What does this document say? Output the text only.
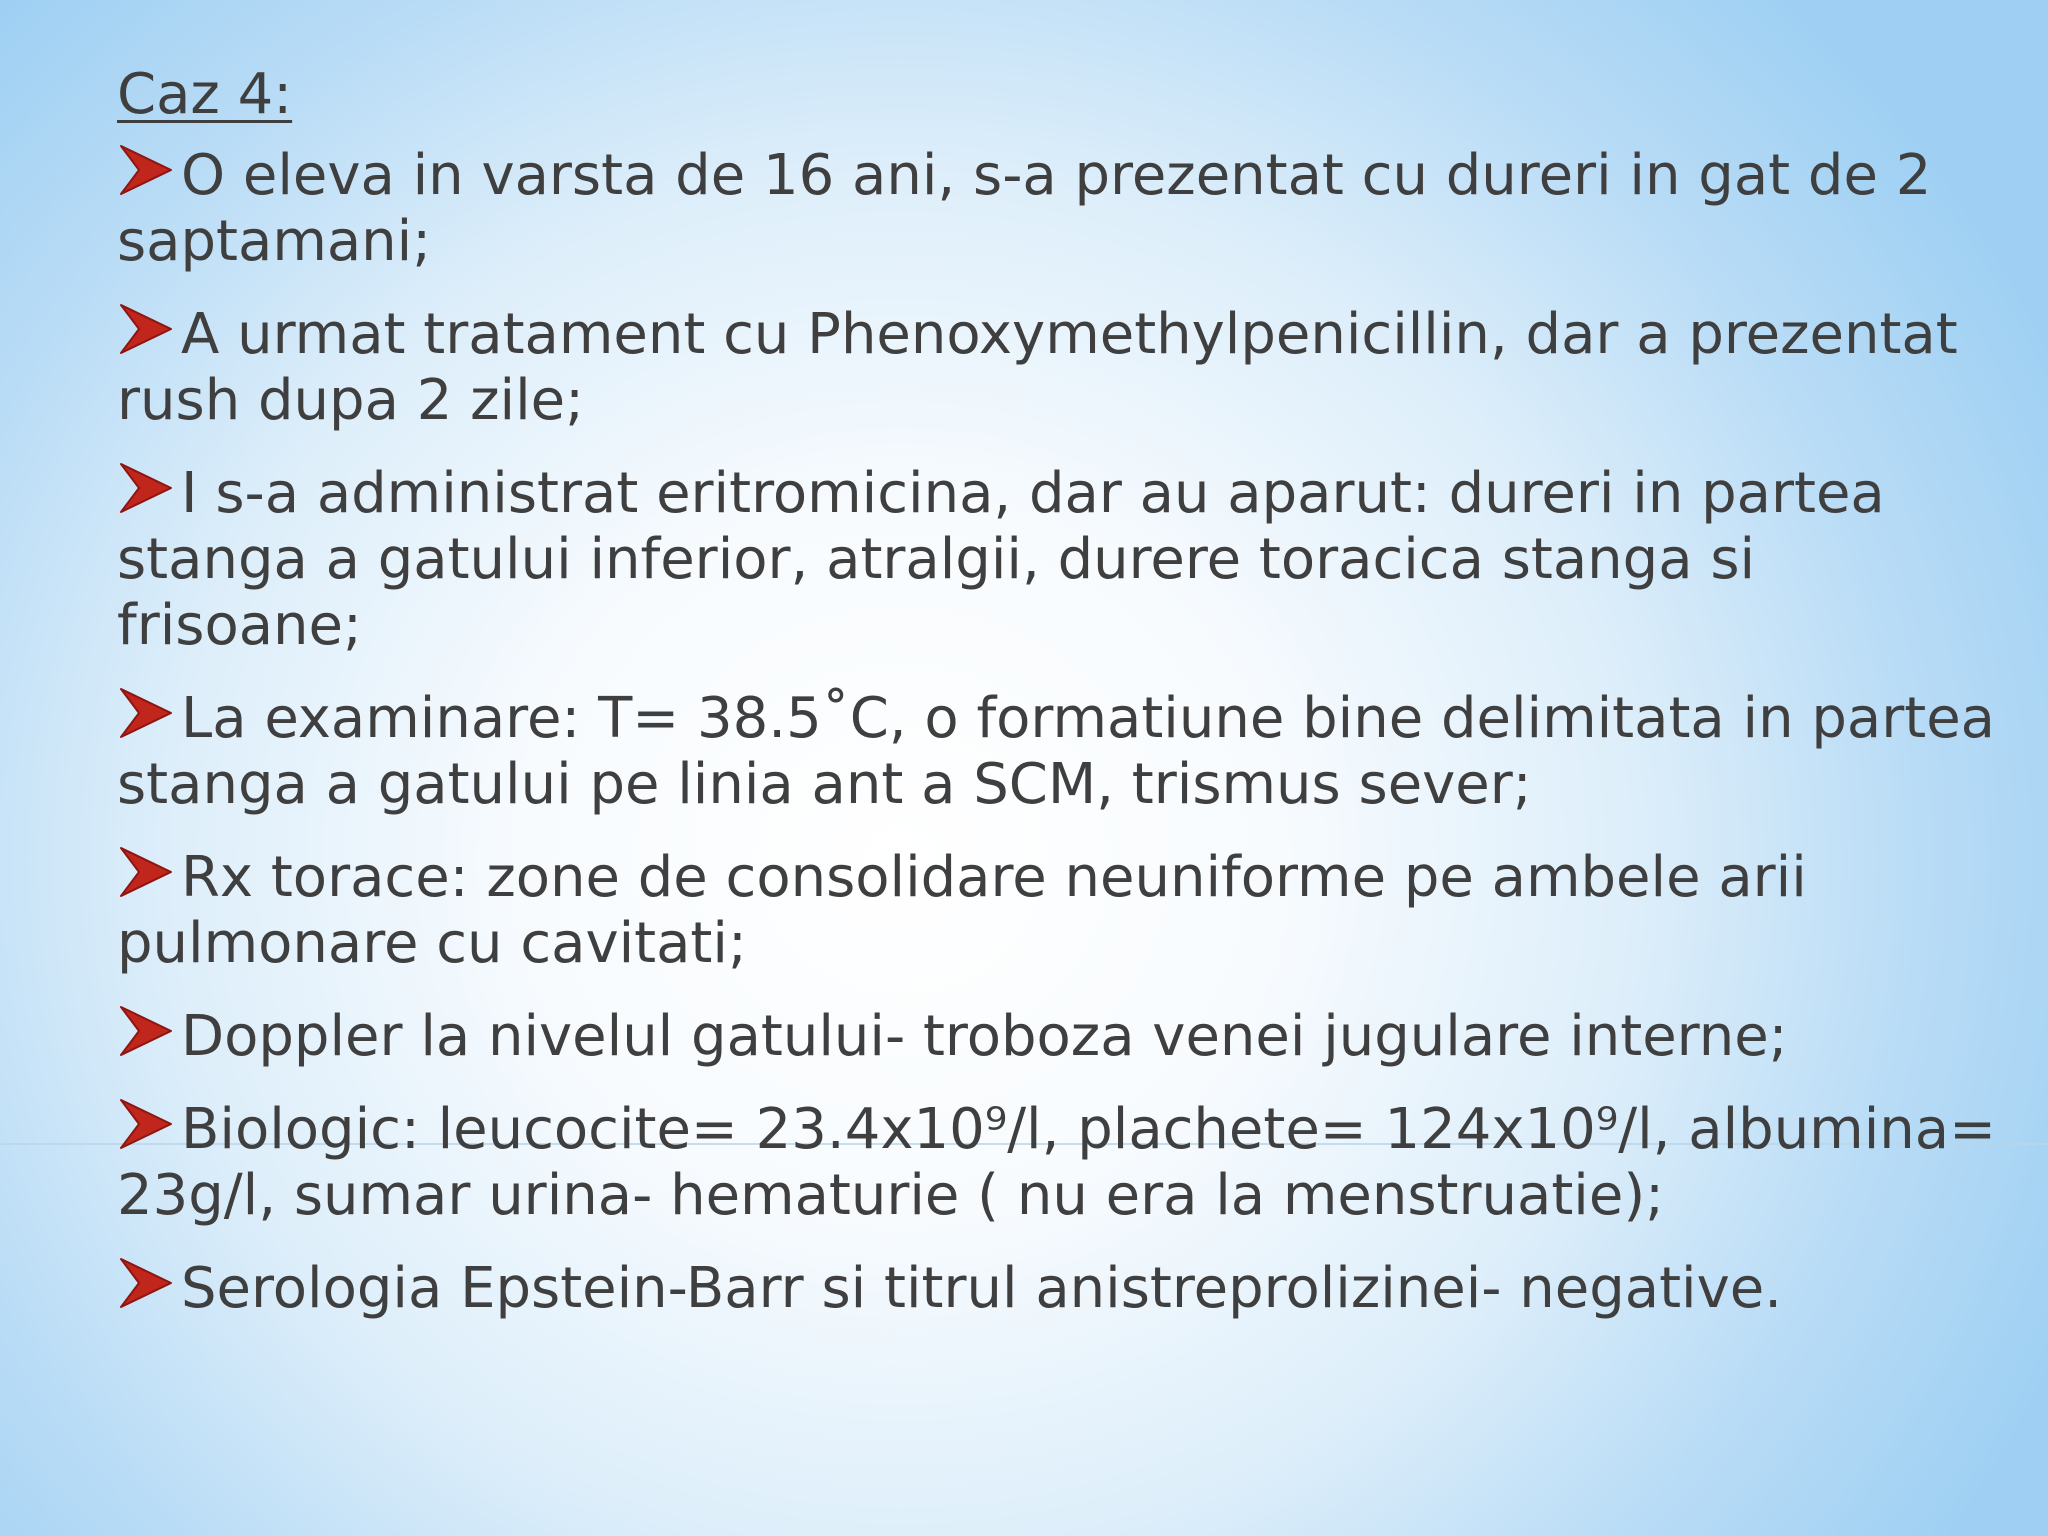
Caz 4:
O eleva in varsta de 16 ani, s-a prezentat cu dureri in gat de 2 saptamani;
A urmat tratament cu Phenoxymethylpenicillin, dar a prezentat rush dupa 2 zile;
I s-a administrat eritromicina, dar au aparut: dureri in partea stanga a gatului inferior, atralgii, durere toracica stanga si frisoane;
La examinare: T= 38.5˚C, o formatiune bine delimitata in partea stanga a gatului pe linia ant a SCM, trismus sever;
Rx torace: zone de consolidare neuniforme pe ambele arii pulmonare cu cavitati;
Doppler la nivelul gatului- troboza venei jugulare interne;
Biologic: leucocite= 23.4x10⁹/l, plachete= 124x10⁹/l, albumina= 23g/l, sumar urina- hematurie ( nu era la menstruatie);
Serologia Epstein-Barr si titrul anistreprolizinei- negative.
